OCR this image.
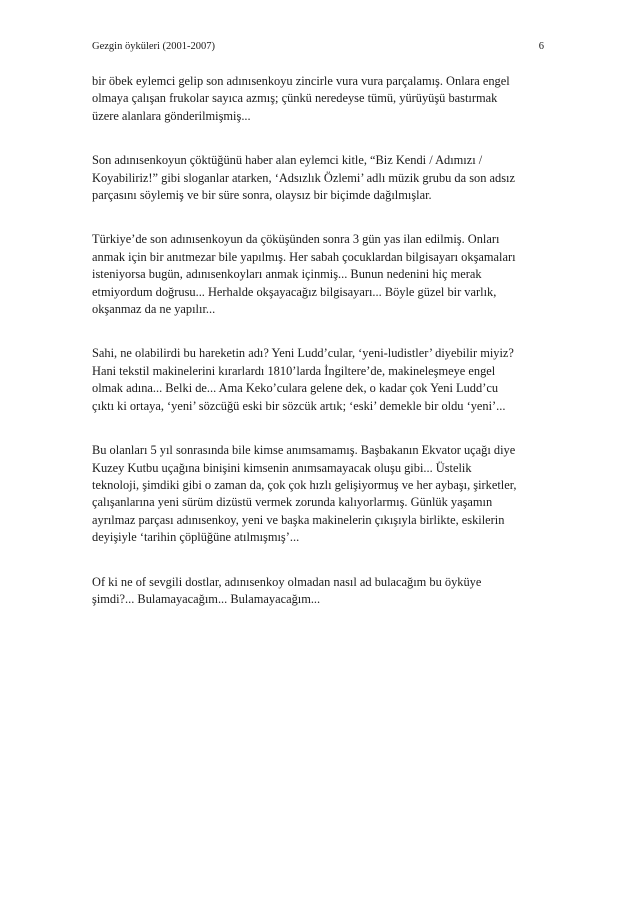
Gezgin öyküleri (2001-2007)	6

bir öbek eylemci gelip son adınısenkoyu zincirle vura vura parçalamış. Onlara engel
olmaya çalışan frukolar sayıca azmış; çünkü neredeyse tümü, yürüyüşü bastırmak
üzere alanlara gönderilmişmiş...

Son adınısenkoyun çöktüğünü haber alan eylemci kitle, “Biz Kendi / Adımızı /
Koyabiliriz!” gibi sloganlar atarken, ‘Adsızlık Özlemi’ adlı müzik grubu da son adsız
parçasını söylemiş ve bir süre sonra, olaysız bir biçimde dağılmışlar.

Türkiye’de son adınısenkoyun da çöküşünden sonra 3 gün yas ilan edilmiş. Onları
anmak için bir anıtmezar bile yapılmış. Her sabah çocuklardan bilgisayarı okşamaları
isteniyorsa bugün, adınısenkoyları anmak içinmiş... Bunun nedenini hiç merak
etmiyordum doğrusu... Herhalde okşayacağız bilgisayarı... Böyle güzel bir varlık,
okşanmaz da ne yapılır...

Sahi, ne olabilirdi bu hareketin adı? Yeni Ludd’cular, ‘yeni-ludistler’ diyebilir miyiz?
Hani tekstil makinelerini kırarlardı 1810’larda İngiltere’de, makineleşmeye engel
olmak adına... Belki de... Ama Keko’culara gelene dek, o kadar çok Yeni Ludd’cu
çıktı ki ortaya, ‘yeni’ sözcüğü eski bir sözcük artık; ‘eski’ demekle bir oldu ‘yeni’...

Bu olanları 5 yıl sonrasında bile kimse anımsamamış. Başbakanın Ekvator uçağı diye
Kuzey Kutbu uçağına binişini kimsenin anımsamayacak oluşu gibi... Üstelik
teknoloji, şimdiki gibi o zaman da, çok çok hızlı gelişiyormuş ve her aybaşı, şirketler,
çalışanlarına yeni sürüm dizüstü vermek zorunda kalıyorlarmış. Günlük yaşamın
ayrılmaz parçası adınısenkoy, yeni ve başka makinelerin çıkışıyla birlikte, eskilerin
deyişiyle ‘tarihin çöplüğüne atılmışmış’...

Of ki ne of sevgili dostlar, adınısenkoy olmadan nasıl ad bulacağım bu öyküye
şimdi?... Bulamayacağım... Bulamayacağım...
